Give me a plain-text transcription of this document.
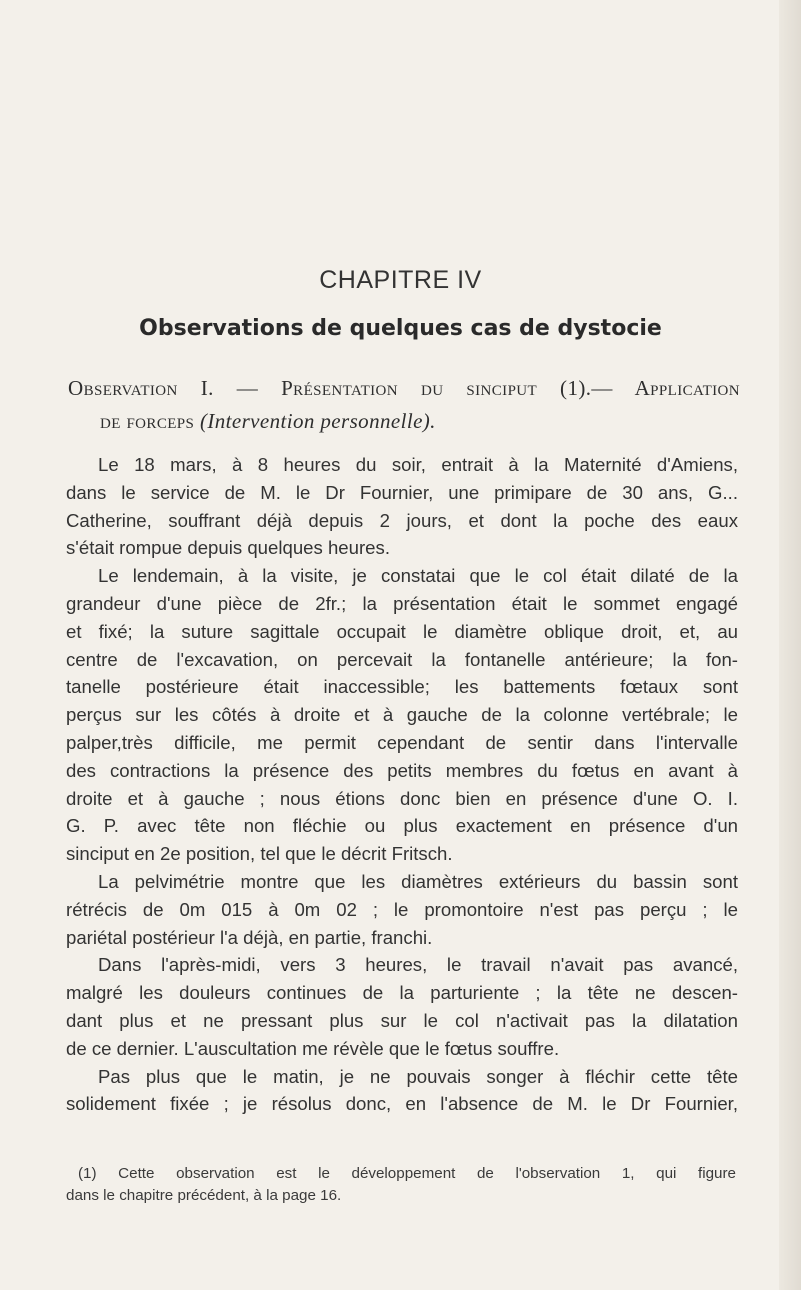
CHAPITRE IV
Observations de quelques cas de dystocie
Observation I. — Présentation du sinciput (1).— Application
de forceps (Intervention personnelle).
Le 18 mars, à 8 heures du soir, entrait à la Maternité d'Amiens,
dans le service de M. le Dr Fournier, une primipare de 30 ans, G...
Catherine, souffrant déjà depuis 2 jours, et dont la poche des eaux
s'était rompue depuis quelques heures.
Le lendemain, à la visite, je constatai que le col était dilaté de la
grandeur d'une pièce de 2fr.; la présentation était le sommet engagé
et fixé; la suture sagittale occupait le diamètre oblique droit, et, au
centre de l'excavation, on percevait la fontanelle antérieure; la fon-
tanelle postérieure était inaccessible; les battements fœtaux sont
perçus sur les côtés à droite et à gauche de la colonne vertébrale; le
palper,très difficile, me permit cependant de sentir dans l'intervalle
des contractions la présence des petits membres du fœtus en avant à
droite et à gauche ; nous étions donc bien en présence d'une O. I.
G. P. avec tête non fléchie ou plus exactement en présence d'un
sinciput en 2e position, tel que le décrit Fritsch.
La pelvimétrie montre que les diamètres extérieurs du bassin sont
rétrécis de 0m 015 à 0m 02 ; le promontoire n'est pas perçu ; le
pariétal postérieur l'a déjà, en partie, franchi.
Dans l'après-midi, vers 3 heures, le travail n'avait pas avancé,
malgré les douleurs continues de la parturiente ; la tête ne descen-
dant plus et ne pressant plus sur le col n'activait pas la dilatation
de ce dernier. L'auscultation me révèle que le fœtus souffre.
Pas plus que le matin, je ne pouvais songer à fléchir cette tête
solidement fixée ; je résolus donc, en l'absence de M. le Dr Fournier,
(1) Cette observation est le développement de l'observation 1, qui figure
dans le chapitre précédent, à la page 16.
